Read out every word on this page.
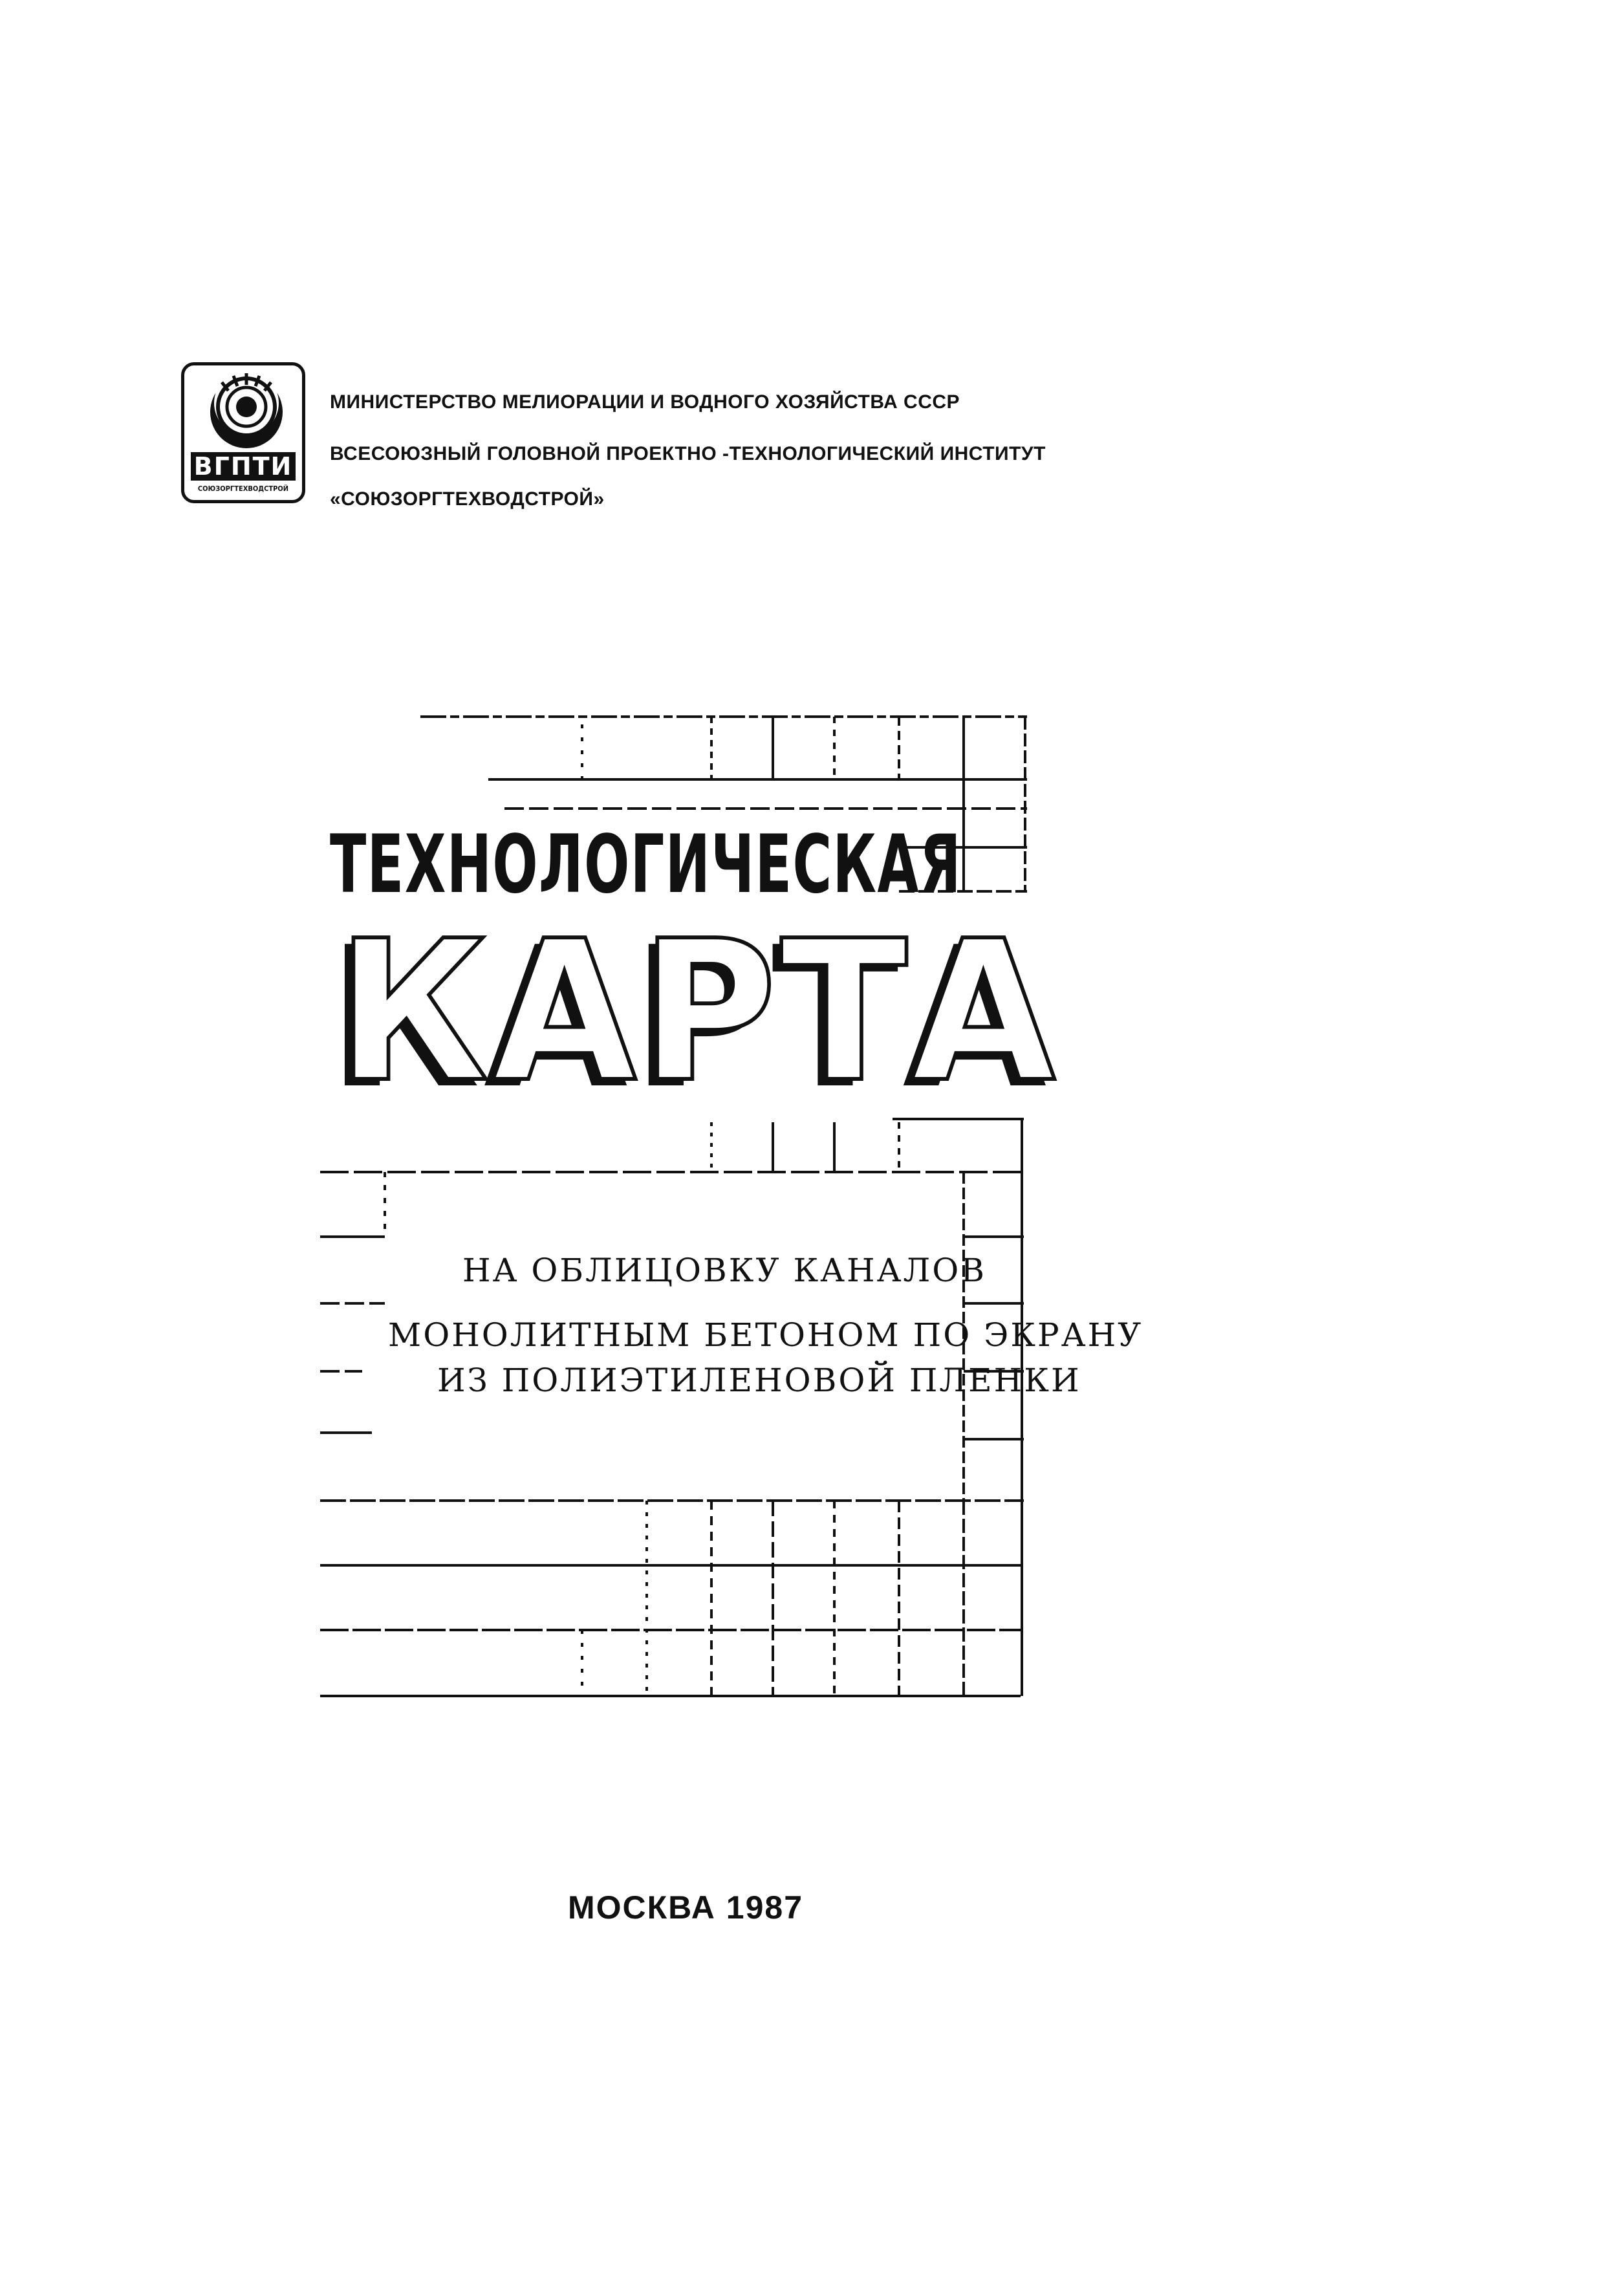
ВГПТИ
СОЮЗОРГТЕХВОДСТРОЙ
МИНИСТЕРСТВО МЕЛИОРАЦИИ И ВОДНОГО ХОЗЯЙСТВА СССР
ВСЕСОЮЗНЫЙ ГОЛОВНОЙ ПРОЕКТНО -ТЕХНОЛОГИЧЕСКИЙ ИНСТИТУТ
«СОЮЗОРГТЕХВОДСТРОЙ»
ТЕХНОЛОГИЧЕСКАЯ
КАРТА
НА ОБЛИЦОВКУ КАНАЛОВ
МОНОЛИТНЫМ БЕТОНОМ ПО ЭКРАНУ
ИЗ ПОЛИЭТИЛЕНОВОЙ ПЛЕНКИ
МОСКВА 1987
